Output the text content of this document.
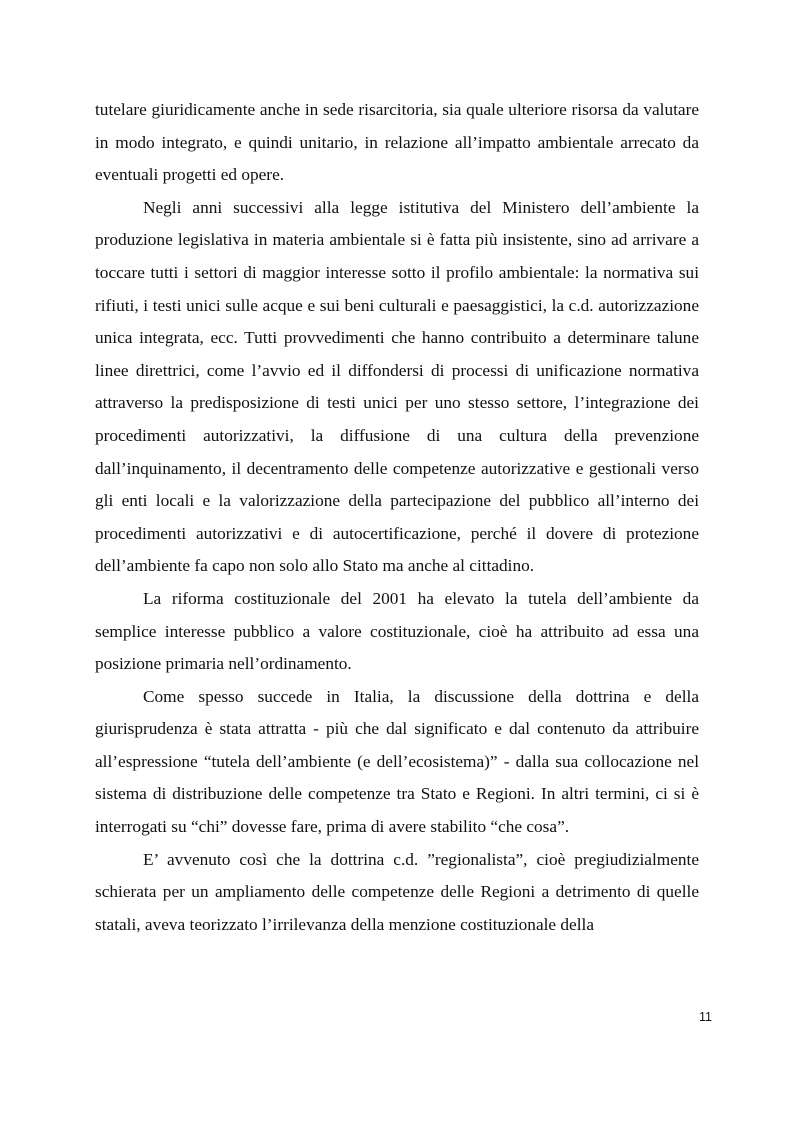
tutelare giuridicamente anche in sede risarcitoria, sia quale ulteriore risorsa da valutare in modo integrato, e quindi unitario, in relazione all’impatto ambientale arrecato da eventuali progetti ed opere.

Negli anni successivi alla legge istitutiva del Ministero dell’ambiente la produzione legislativa in materia ambientale si è fatta più insistente, sino ad arrivare a toccare tutti i settori di maggior interesse sotto il profilo ambientale: la normativa sui rifiuti, i testi unici sulle acque e sui beni culturali e paesaggistici, la c.d. autorizzazione unica integrata, ecc. Tutti provvedimenti che hanno contribuito a determinare talune linee direttrici, come l’avvio ed il diffondersi di processi di unificazione normativa attraverso la predisposizione di testi unici per uno stesso settore, l’integrazione dei procedimenti autorizzativi, la diffusione di una cultura della prevenzione dall’inquinamento, il decentramento delle competenze autorizzative e gestionali verso gli enti locali e la valorizzazione della partecipazione del pubblico all’interno dei procedimenti autorizzativi e di autocertificazione, perché il dovere di protezione dell’ambiente fa capo non solo allo Stato ma anche al cittadino.

La riforma costituzionale del 2001 ha elevato la tutela dell’ambiente da semplice interesse pubblico a valore costituzionale, cioè ha attribuito ad essa una posizione primaria nell’ordinamento.

Come spesso succede in Italia, la discussione della dottrina e della giurisprudenza è stata attratta - più che dal significato e dal contenuto da attribuire all’espressione “tutela dell’ambiente (e dell’ecosistema)” - dalla sua collocazione nel sistema di distribuzione delle competenze tra Stato e Regioni. In altri termini, ci si è interrogati su “chi” dovesse fare, prima di avere stabilito “che cosa”.

E’ avvenuto così che la dottrina c.d. ”regionalista”, cioè pregiudizialmente schierata per un ampliamento delle competenze delle Regioni a detrimento di quelle statali, aveva teorizzato l’irrilevanza della menzione costituzionale della

11
